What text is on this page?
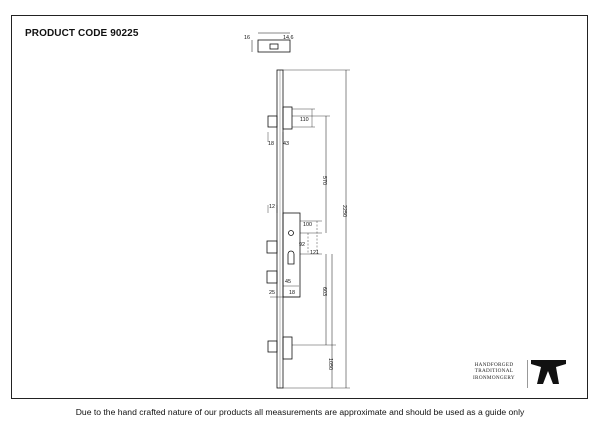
PRODUCT CODE 90225	16	14.6
110
18 43
570
2250
12
100
92
121
45
18
25	603
1050	HANDFORGED
TRADITIONAL
IRONMONGERY
Due to the hand crafted nature of our products all measurements are approximate and should be used as a guide only
